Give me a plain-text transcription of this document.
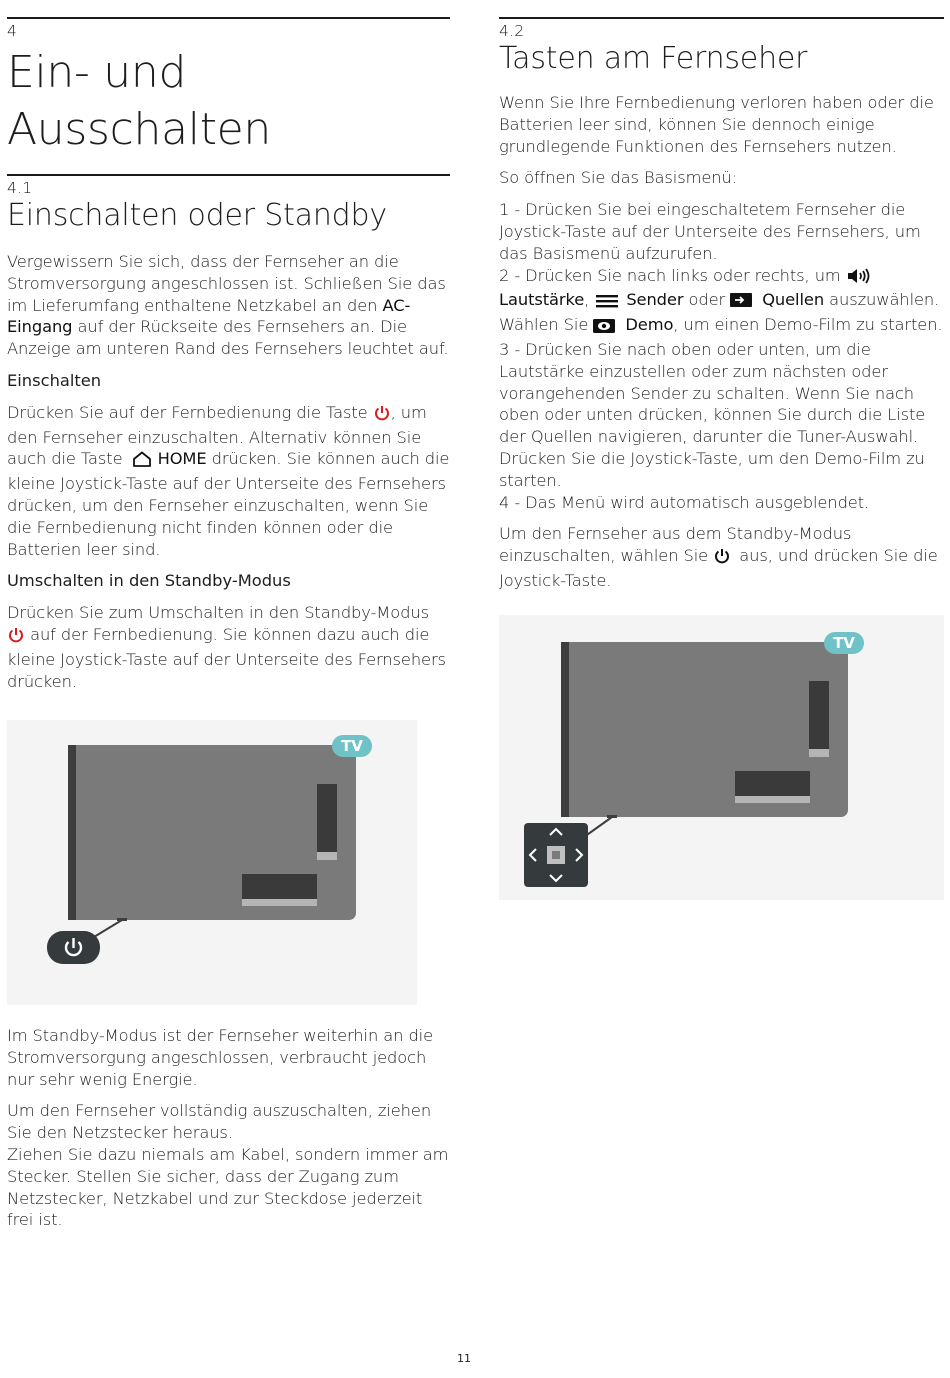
4
Ein- und
Ausschalten
4.1
Einschalten oder Standby

Vergewissern Sie sich, dass der Fernseher an die Stromversorgung angeschlossen ist. Schließen Sie das im Lieferumfang enthaltene Netzkabel an den AC-Eingang auf der Rückseite des Fernsehers an. Die Anzeige am unteren Rand des Fernsehers leuchtet auf.

Einschalten

Drücken Sie auf der Fernbedienung die Taste , um den Fernseher einzuschalten. Alternativ können Sie auch die Taste HOME drücken. Sie können auch die kleine Joystick-Taste auf der Unterseite des Fernsehers drücken, um den Fernseher einzuschalten, wenn Sie die Fernbedienung nicht finden können oder die Batterien leer sind.

Umschalten in den Standby-Modus

Drücken Sie zum Umschalten in den Standby-Modus  auf der Fernbedienung. Sie können dazu auch die kleine Joystick-Taste auf der Unterseite des Fernsehers drücken.

TV

Im Standby-Modus ist der Fernseher weiterhin an die Stromversorgung angeschlossen, verbraucht jedoch nur sehr wenig Energie.

Um den Fernseher vollständig auszuschalten, ziehen Sie den Netzstecker heraus.
Ziehen Sie dazu niemals am Kabel, sondern immer am Stecker. Stellen Sie sicher, dass der Zugang zum Netzstecker, Netzkabel und zur Steckdose jederzeit frei ist.

4.2
Tasten am Fernseher

Wenn Sie Ihre Fernbedienung verloren haben oder die Batterien leer sind, können Sie dennoch einige grundlegende Funktionen des Fernsehers nutzen.

So öffnen Sie das Basismenü:

1 - Drücken Sie bei eingeschaltetem Fernseher die Joystick-Taste auf der Unterseite des Fernsehers, um das Basismenü aufzurufen.

2 - Drücken Sie nach links oder rechts, um
Lautstärke, Sender oder Quellen auszuwählen. Wählen Sie Demo, um einen Demo-Film zu starten.

3 - Drücken Sie nach oben oder unten, um die Lautstärke einzustellen oder zum nächsten oder vorangehenden Sender zu schalten. Wenn Sie nach oben oder unten drücken, können Sie durch die Liste der Quellen navigieren, darunter die Tuner-Auswahl. Drücken Sie die Joystick-Taste, um den Demo-Film zu starten.

4 - Das Menü wird automatisch ausgeblendet.

Um den Fernseher aus dem Standby-Modus einzuschalten, wählen Sie  aus, und drücken Sie die Joystick-Taste.

TV
11
